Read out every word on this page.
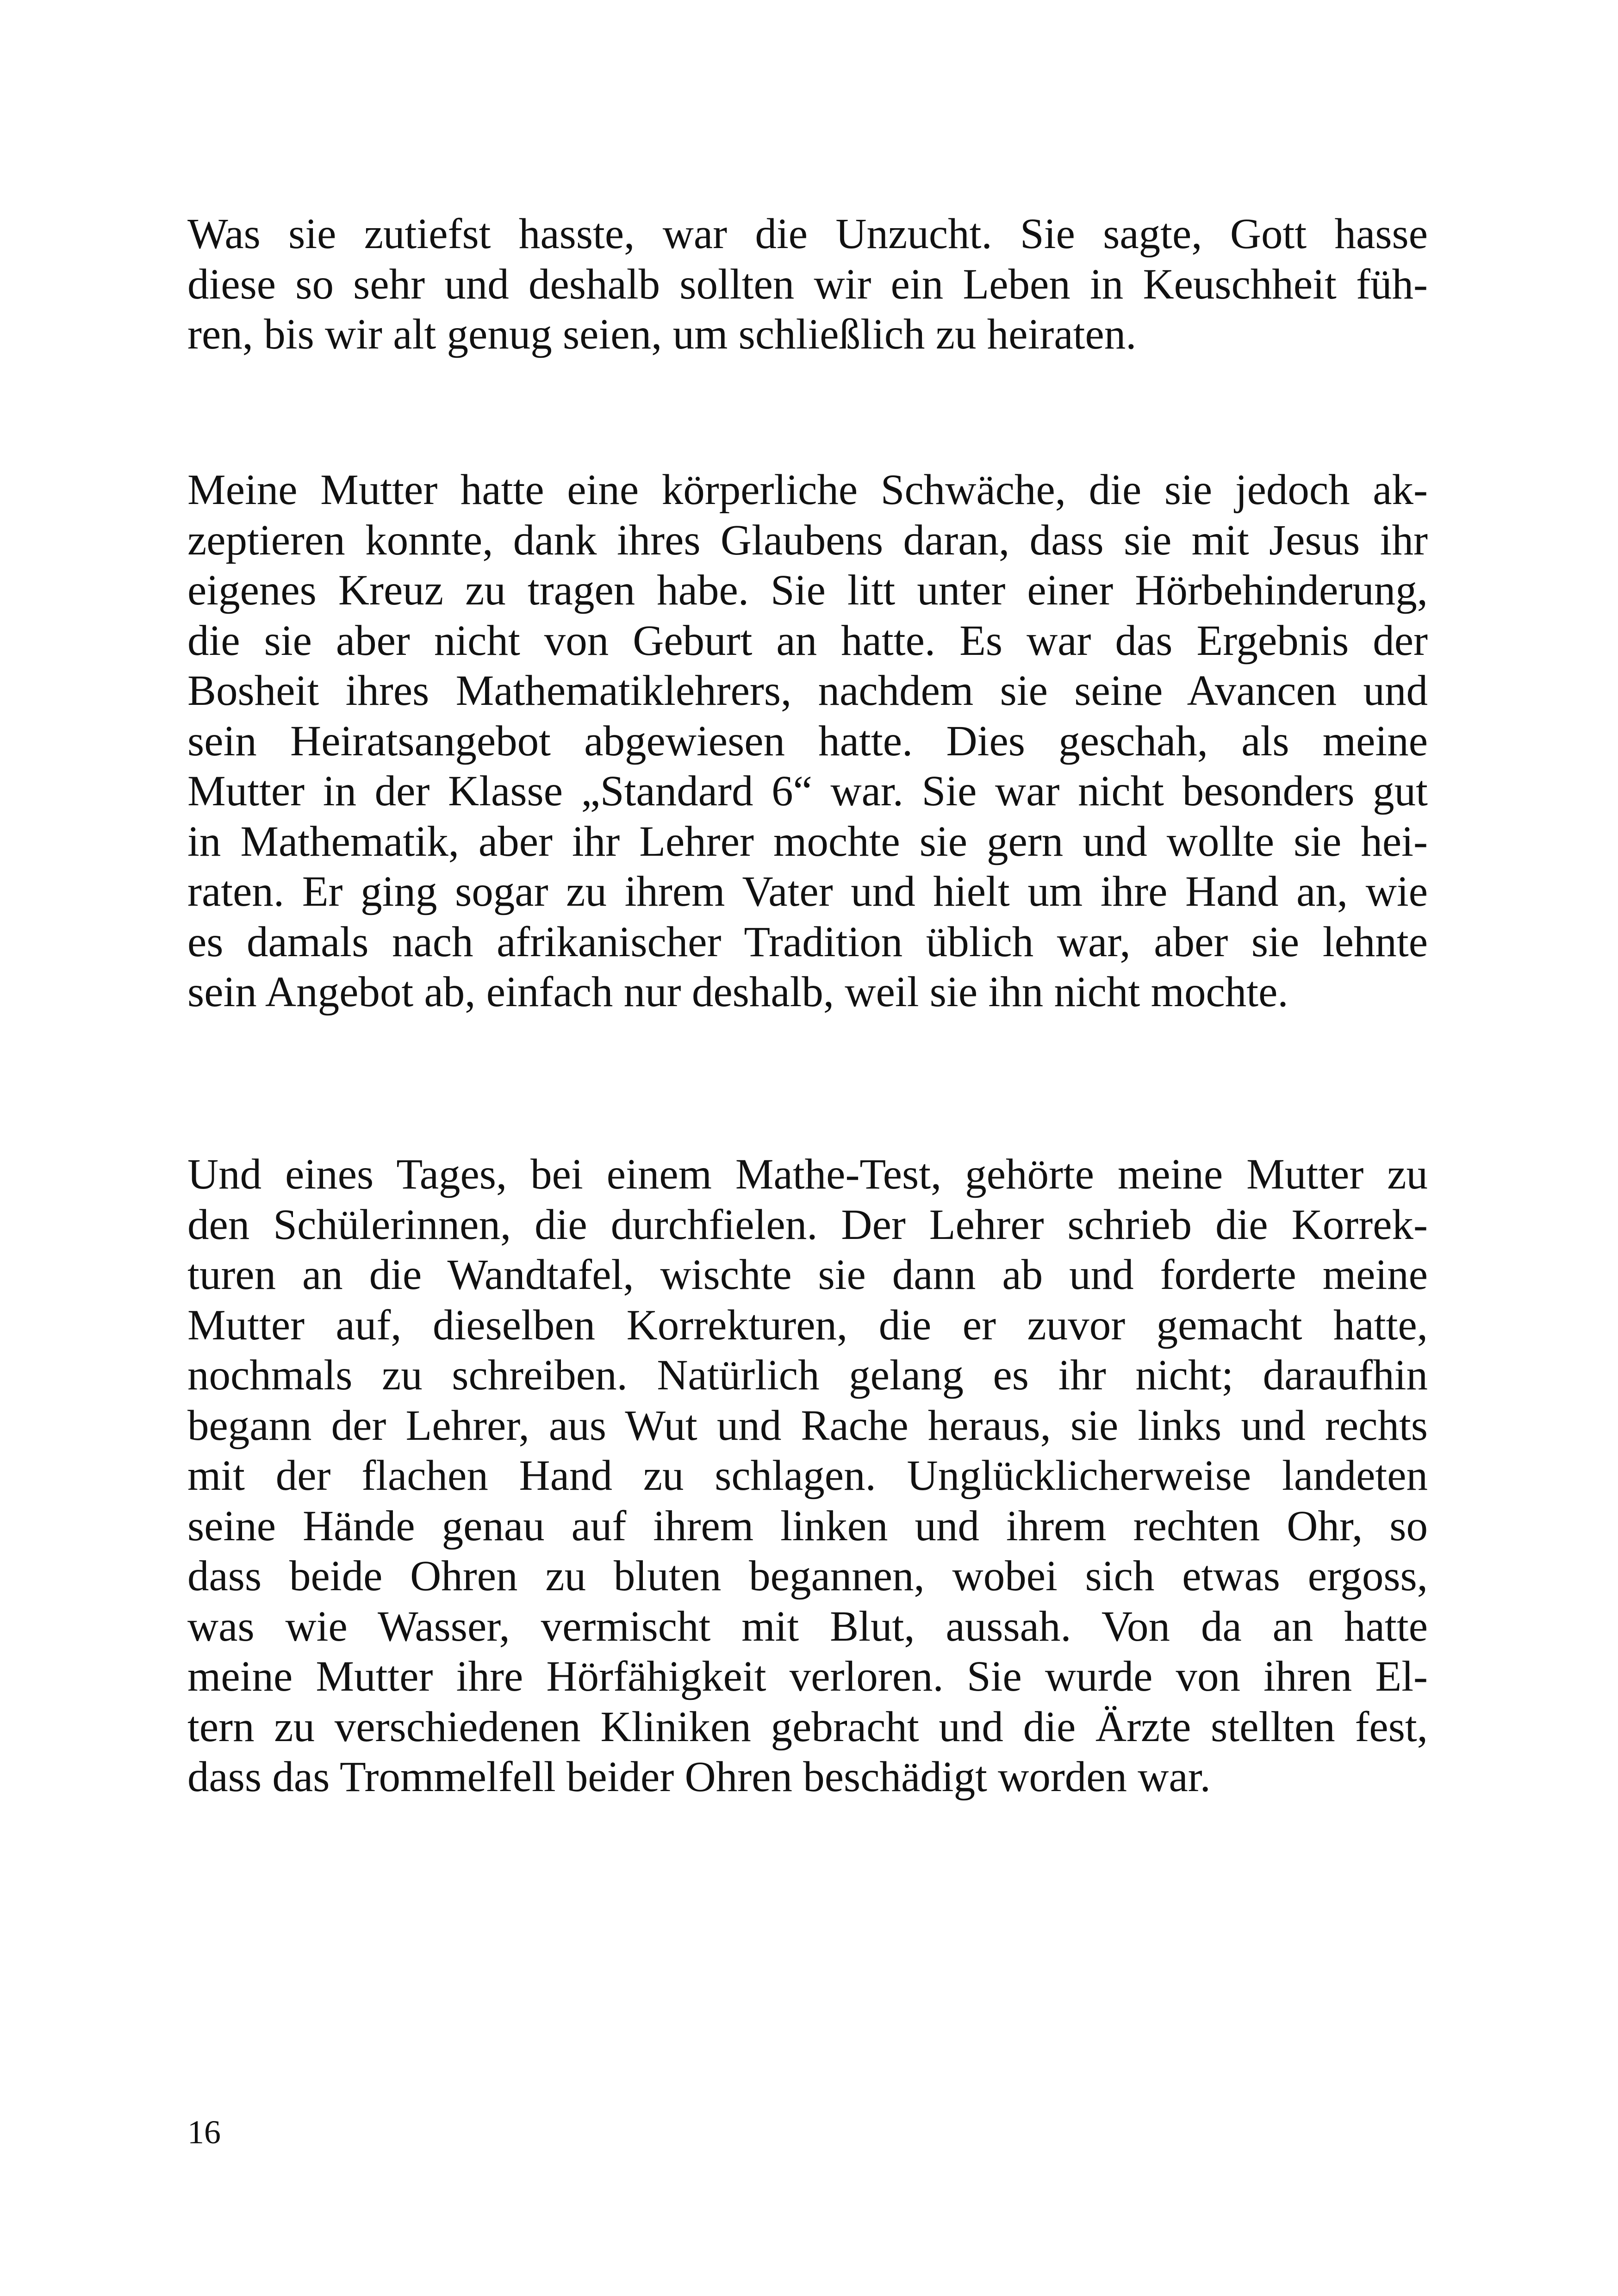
Was sie zutiefst hasste, war die Unzucht. Sie sagte, Gott hasse
diese so sehr und deshalb sollten wir ein Leben in Keuschheit füh-
ren, bis wir alt genug seien, um schließlich zu heiraten.

Meine Mutter hatte eine körperliche Schwäche, die sie jedoch ak-
zeptieren konnte, dank ihres Glaubens daran, dass sie mit Jesus ihr
eigenes Kreuz zu tragen habe. Sie litt unter einer Hörbehinderung,
die sie aber nicht von Geburt an hatte. Es war das Ergebnis der
Bosheit ihres Mathematiklehrers, nachdem sie seine Avancen und
sein Heiratsangebot abgewiesen hatte. Dies geschah, als meine
Mutter in der Klasse „Standard 6“ war. Sie war nicht besonders gut
in Mathematik, aber ihr Lehrer mochte sie gern und wollte sie hei-
raten. Er ging sogar zu ihrem Vater und hielt um ihre Hand an, wie
es damals nach afrikanischer Tradition üblich war, aber sie lehnte
sein Angebot ab, einfach nur deshalb, weil sie ihn nicht mochte.

Und eines Tages, bei einem Mathe-Test, gehörte meine Mutter zu
den Schülerinnen, die durchfielen. Der Lehrer schrieb die Korrek-
turen an die Wandtafel, wischte sie dann ab und forderte meine
Mutter auf, dieselben Korrekturen, die er zuvor gemacht hatte,
nochmals zu schreiben. Natürlich gelang es ihr nicht; daraufhin
begann der Lehrer, aus Wut und Rache heraus, sie links und rechts
mit der flachen Hand zu schlagen. Unglücklicherweise landeten
seine Hände genau auf ihrem linken und ihrem rechten Ohr, so
dass beide Ohren zu bluten begannen, wobei sich etwas ergoss,
was wie Wasser, vermischt mit Blut, aussah. Von da an hatte
meine Mutter ihre Hörfähigkeit verloren. Sie wurde von ihren El-
tern zu verschiedenen Kliniken gebracht und die Ärzte stellten fest,
dass das Trommelfell beider Ohren beschädigt worden war.

16
